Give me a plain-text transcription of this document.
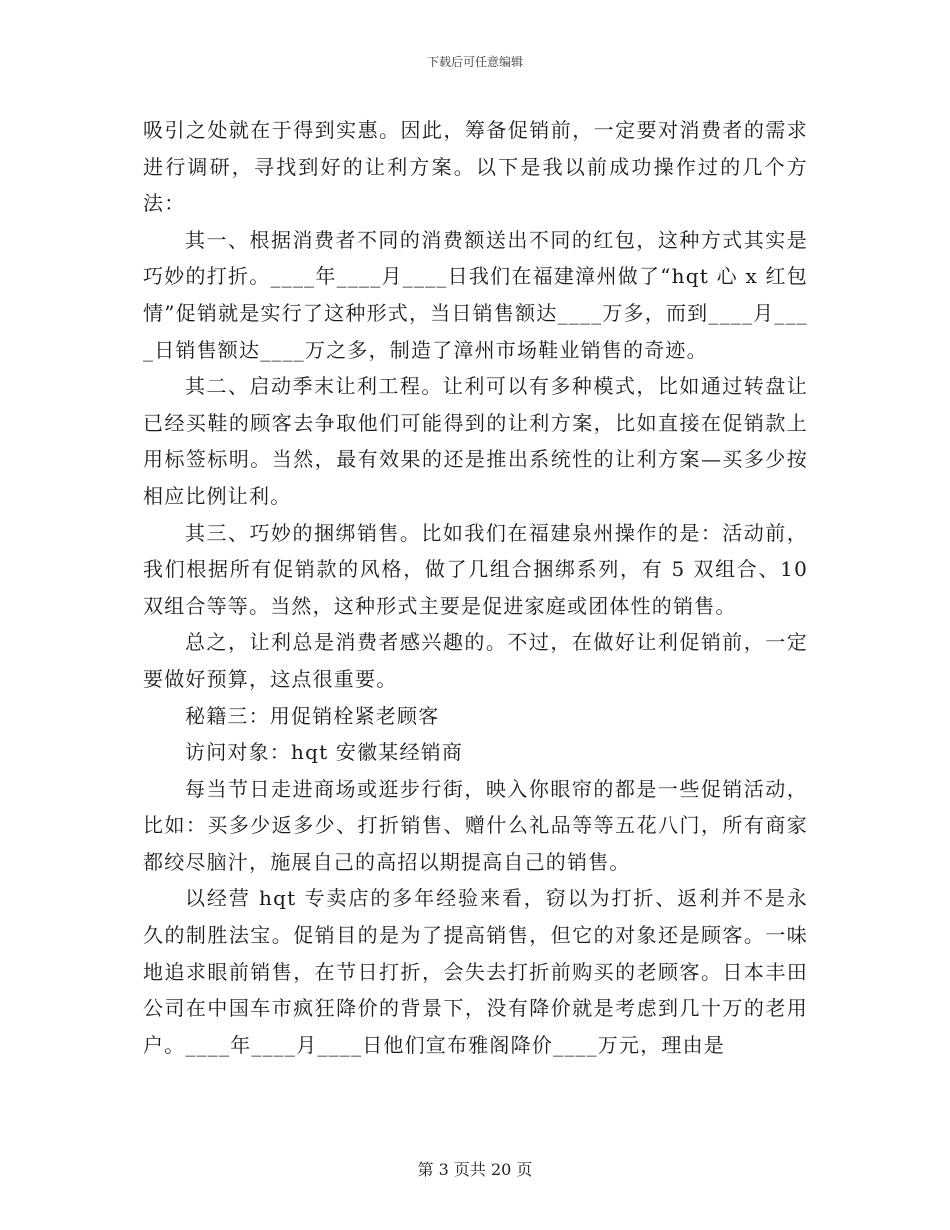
下载后可任意编辑

吸引之处就在于得到实惠。因此，筹备促销前，一定要对消费者的需求进行调研，寻找到好的让利方案。以下是我以前成功操作过的几个方法：

其一、根据消费者不同的消费额送出不同的红包，这种方式其实是巧妙的打折。____年____月____日我们在福建漳州做了“hqt 心 x 红包情”促销就是实行了这种形式，当日销售额达____万多，而到____月____日销售额达____万之多，制造了漳州市场鞋业销售的奇迹。

其二、启动季末让利工程。让利可以有多种模式，比如通过转盘让已经买鞋的顾客去争取他们可能得到的让利方案，比如直接在促销款上用标签标明。当然，最有效果的还是推出系统性的让利方案—买多少按相应比例让利。

其三、巧妙的捆绑销售。比如我们在福建泉州操作的是：活动前，我们根据所有促销款的风格，做了几组合捆绑系列，有 5 双组合、10 双组合等等。当然，这种形式主要是促进家庭或团体性的销售。

总之，让利总是消费者感兴趣的。不过，在做好让利促销前，一定要做好预算，这点很重要。

秘籍三：用促销栓紧老顾客

访问对象：hqt 安徽某经销商

每当节日走进商场或逛步行街，映入你眼帘的都是一些促销活动，比如：买多少返多少、打折销售、赠什么礼品等等五花八门，所有商家都绞尽脑汁，施展自己的高招以期提高自己的销售。

以经营 hqt 专卖店的多年经验来看，窃以为打折、返利并不是永久的制胜法宝。促销目的是为了提高销售，但它的对象还是顾客。一味地追求眼前销售，在节日打折，会失去打折前购买的老顾客。日本丰田公司在中国车市疯狂降价的背景下，没有降价就是考虑到几十万的老用户。____年____月____日他们宣布雅阁降价____万元，理由是

第 3 页共 20 页
